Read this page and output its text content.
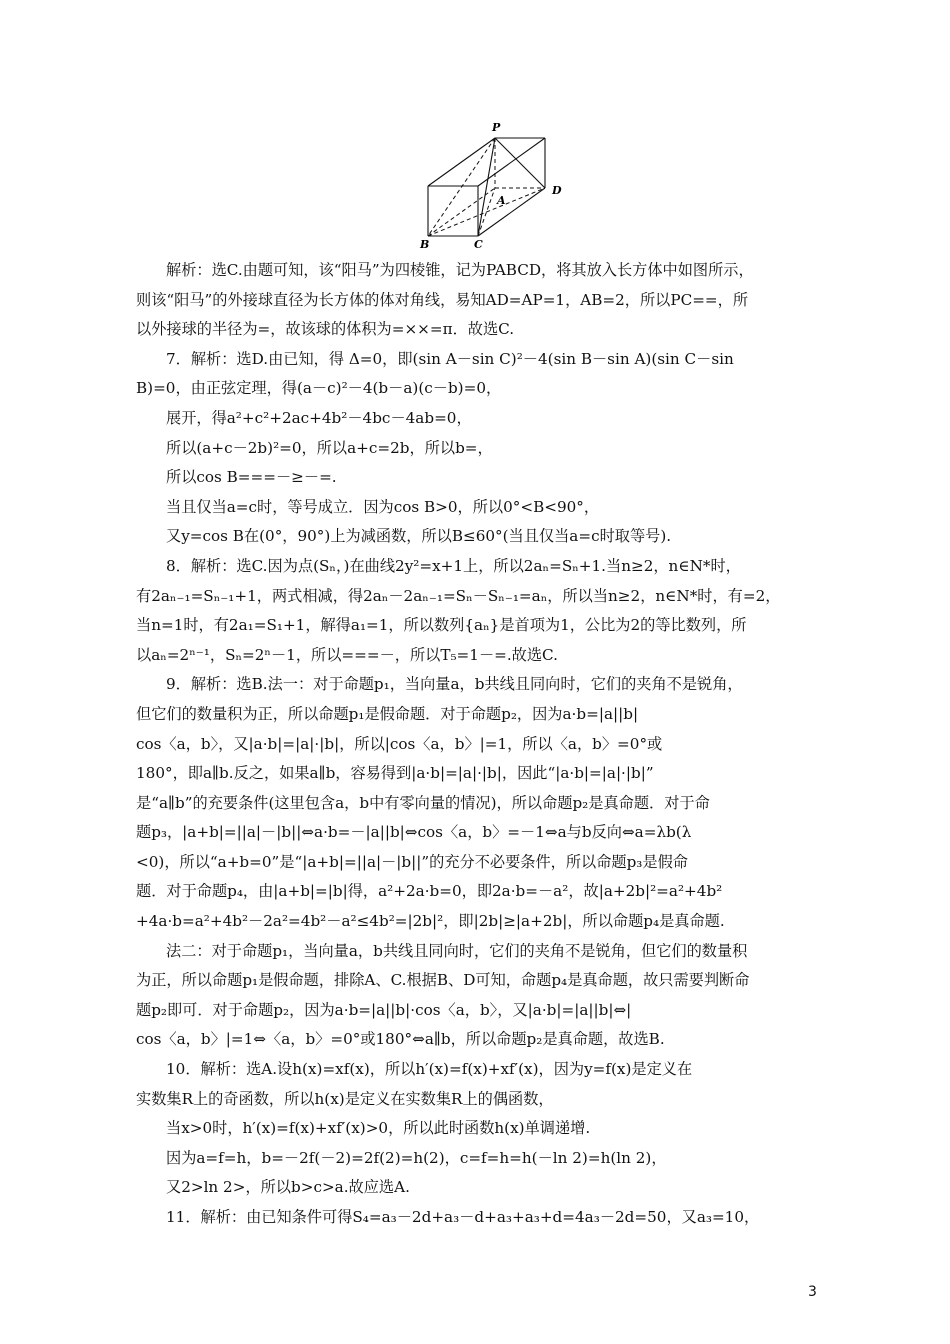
P
A
B	C
D
解析：选C.由题可知，该“阳马”为四棱锥，记为PABCD，将其放入长方体中如图所示，
则该“阳马”的外接球直径为长方体的体对角线，易知AD=AP=1，AB=2，所以PC==，所
以外接球的半径为=，故该球的体积为=××=π．故选C.
7．解析：选D.由已知，得 Δ=0，即(sin A－sin C)²－4(sin B－sin A)(sin C－sin
B)=0，由正弦定理，得(a－c)²－4(b－a)(c－b)=0，
展开，得a²+c²+2ac+4b²－4bc－4ab=0，
所以(a+c－2b)²=0，所以a+c=2b，所以b=，
所以cos B===－≥－=.
当且仅当a=c时，等号成立．因为cos B>0，所以0°<B<90°，
又y=cos B在(0°，90°)上为减函数，所以B≤60°(当且仅当a=c时取等号).
8．解析：选C.因为点(Sₙ，)在曲线2y²=x+1上，所以2aₙ=Sₙ+1.当n≥2，n∈N*时，
有2aₙ₋₁=Sₙ₋₁+1，两式相减，得2aₙ－2aₙ₋₁=Sₙ－Sₙ₋₁=aₙ，所以当n≥2，n∈N*时，有=2，
当n=1时，有2a₁=S₁+1，解得a₁=1，所以数列{aₙ}是首项为1，公比为2的等比数列，所
以aₙ=2ⁿ⁻¹，Sₙ=2ⁿ－1，所以===－，所以T₅=1－=.故选C.
9．解析：选B.法一：对于命题p₁，当向量a，b共线且同向时，它们的夹角不是锐角，
但它们的数量积为正，所以命题p₁是假命题．对于命题p₂，因为a·b=|a||b|
cos〈a，b〉，又|a·b|=|a|·|b|，所以|cos〈a，b〉|=1，所以〈a，b〉=0°或
180°，即a∥b.反之，如果a∥b，容易得到|a·b|=|a|·|b|，因此“|a·b|=|a|·|b|”
是“a∥b”的充要条件(这里包含a，b中有零向量的情况)，所以命题p₂是真命题．对于命
题p₃，|a+b|=||a|－|b||⇔a·b=－|a||b|⇔cos〈a，b〉=－1⇔a与b反向⇔a=λb(λ
<0)，所以“a+b=0”是“|a+b|=||a|－|b||”的充分不必要条件，所以命题p₃是假命
题．对于命题p₄，由|a+b|=|b|得，a²+2a·b=0，即2a·b=－a²，故|a+2b|²=a²+4b²
+4a·b=a²+4b²－2a²=4b²－a²≤4b²=|2b|²，即|2b|≥|a+2b|，所以命题p₄是真命题.
法二：对于命题p₁，当向量a，b共线且同向时，它们的夹角不是锐角，但它们的数量积
为正，所以命题p₁是假命题，排除A、C.根据B、D可知，命题p₄是真命题，故只需要判断命
题p₂即可．对于命题p₂，因为a·b=|a||b|·cos〈a，b〉，又|a·b|=|a||b|⇔|
cos〈a，b〉|=1⇔〈a，b〉=0°或180°⇔a∥b，所以命题p₂是真命题，故选B.
10．解析：选A.设h(x)=xf(x)，所以h′(x)=f(x)+xf′(x)，因为y=f(x)是定义在
实数集R上的奇函数，所以h(x)是定义在实数集R上的偶函数，
当x>0时，h′(x)=f(x)+xf′(x)>0，所以此时函数h(x)单调递增.
因为a=f=h，b=－2f(－2)=2f(2)=h(2)，c=f=h=h(－ln 2)=h(ln 2)，
又2>ln 2>，所以b>c>a.故应选A.
11．解析：由已知条件可得S₄=a₃－2d+a₃－d+a₃+a₃+d=4a₃－2d=50，又a₃=10，
3
